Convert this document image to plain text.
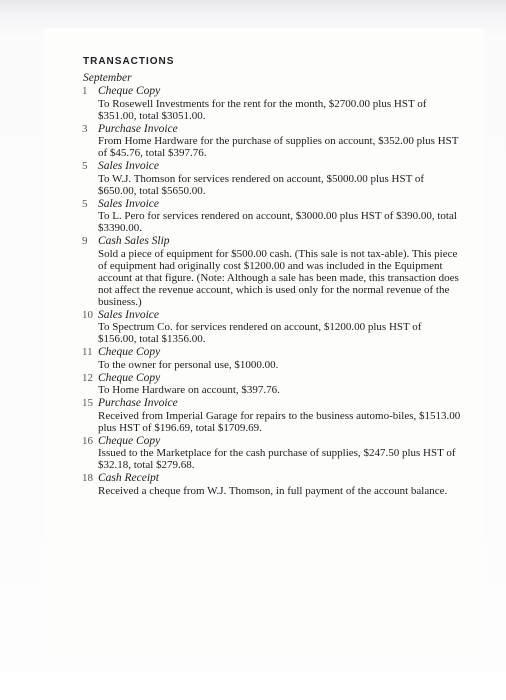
TRANSACTIONS
September
1 Cheque Copy
To Rosewell Investments for the rent for the month, $2700.00 plus HST of $351.00, total $3051.00.
3 Purchase Invoice
From Home Hardware for the purchase of supplies on account, $352.00 plus HST of $45.76, total $397.76.
5 Sales Invoice
To W.J. Thomson for services rendered on account, $5000.00 plus HST of $650.00, total $5650.00.
5 Sales Invoice
To L. Pero for services rendered on account, $3000.00 plus HST of $390.00, total $3390.00.
9 Cash Sales Slip
Sold a piece of equipment for $500.00 cash. (This sale is not tax-able). This piece of equipment had originally cost $1200.00 and was included in the Equipment account at that figure. (Note: Although a sale has been made, this transaction does not affect the revenue account, which is used only for the normal revenue of the business.)
10 Sales Invoice
To Spectrum Co. for services rendered on account, $1200.00 plus HST of $156.00, total $1356.00.
11 Cheque Copy
To the owner for personal use, $1000.00.
12 Cheque Copy
To Home Hardware on account, $397.76.
15 Purchase Invoice
Received from Imperial Garage for repairs to the business automo-biles, $1513.00 plus HST of $196.69, total $1709.69.
16 Cheque Copy
Issued to the Marketplace for the cash purchase of supplies, $247.50 plus HST of $32.18, total $279.68.
18 Cash Receipt
Received a cheque from W.J. Thomson, in full payment of the account balance.
